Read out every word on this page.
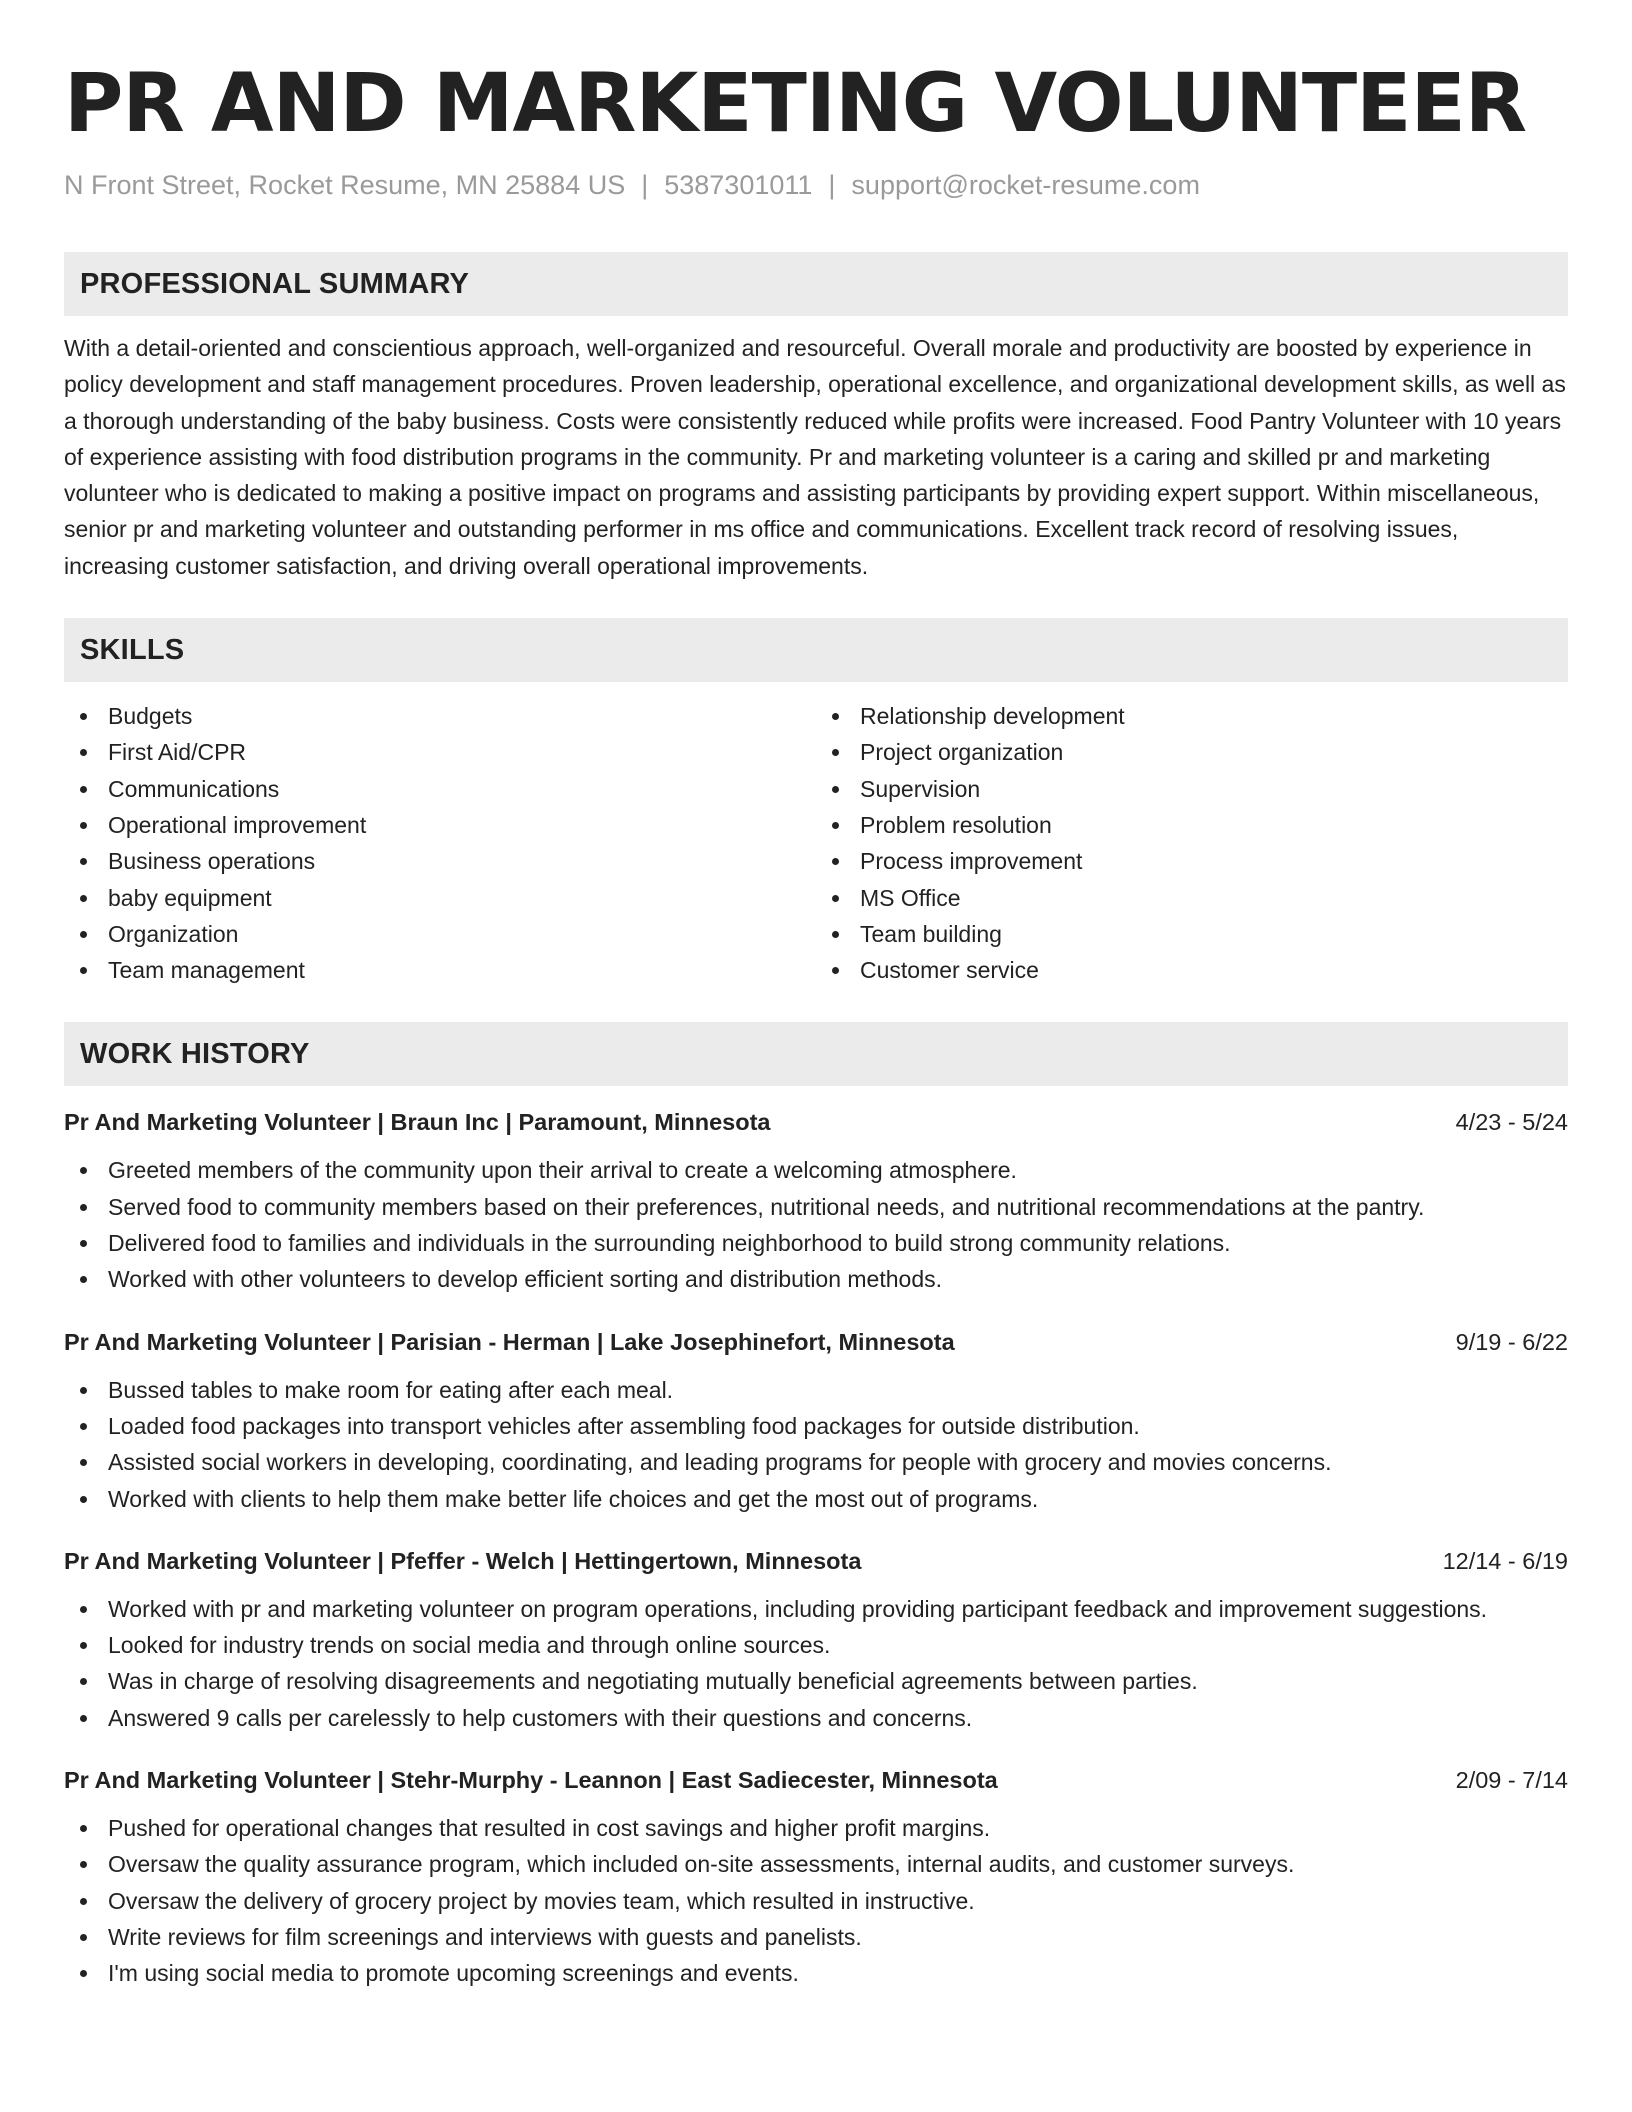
PR AND MARKETING VOLUNTEER
N Front Street, Rocket Resume, MN 25884 US | 5387301011 | support@rocket-resume.com
PROFESSIONAL SUMMARY
With a detail-oriented and conscientious approach, well-organized and resourceful. Overall morale and productivity are boosted by experience in policy development and staff management procedures. Proven leadership, operational excellence, and organizational development skills, as well as a thorough understanding of the baby business. Costs were consistently reduced while profits were increased. Food Pantry Volunteer with 10 years of experience assisting with food distribution programs in the community. Pr and marketing volunteer is a caring and skilled pr and marketing volunteer who is dedicated to making a positive impact on programs and assisting participants by providing expert support. Within miscellaneous, senior pr and marketing volunteer and outstanding performer in ms office and communications. Excellent track record of resolving issues, increasing customer satisfaction, and driving overall operational improvements.
SKILLS
Budgets
First Aid/CPR
Communications
Operational improvement
Business operations
baby equipment
Organization
Team management
Relationship development
Project organization
Supervision
Problem resolution
Process improvement
MS Office
Team building
Customer service
WORK HISTORY
Pr And Marketing Volunteer | Braun Inc | Paramount, Minnesota	4/23 - 5/24
Greeted members of the community upon their arrival to create a welcoming atmosphere.
Served food to community members based on their preferences, nutritional needs, and nutritional recommendations at the pantry.
Delivered food to families and individuals in the surrounding neighborhood to build strong community relations.
Worked with other volunteers to develop efficient sorting and distribution methods.
Pr And Marketing Volunteer | Parisian - Herman | Lake Josephinefort, Minnesota	9/19 - 6/22
Bussed tables to make room for eating after each meal.
Loaded food packages into transport vehicles after assembling food packages for outside distribution.
Assisted social workers in developing, coordinating, and leading programs for people with grocery and movies concerns.
Worked with clients to help them make better life choices and get the most out of programs.
Pr And Marketing Volunteer | Pfeffer - Welch | Hettingertown, Minnesota	12/14 - 6/19
Worked with pr and marketing volunteer on program operations, including providing participant feedback and improvement suggestions.
Looked for industry trends on social media and through online sources.
Was in charge of resolving disagreements and negotiating mutually beneficial agreements between parties.
Answered 9 calls per carelessly to help customers with their questions and concerns.
Pr And Marketing Volunteer | Stehr-Murphy - Leannon | East Sadiecester, Minnesota	2/09 - 7/14
Pushed for operational changes that resulted in cost savings and higher profit margins.
Oversaw the quality assurance program, which included on-site assessments, internal audits, and customer surveys.
Oversaw the delivery of grocery project by movies team, which resulted in instructive.
Write reviews for film screenings and interviews with guests and panelists.
I'm using social media to promote upcoming screenings and events.
